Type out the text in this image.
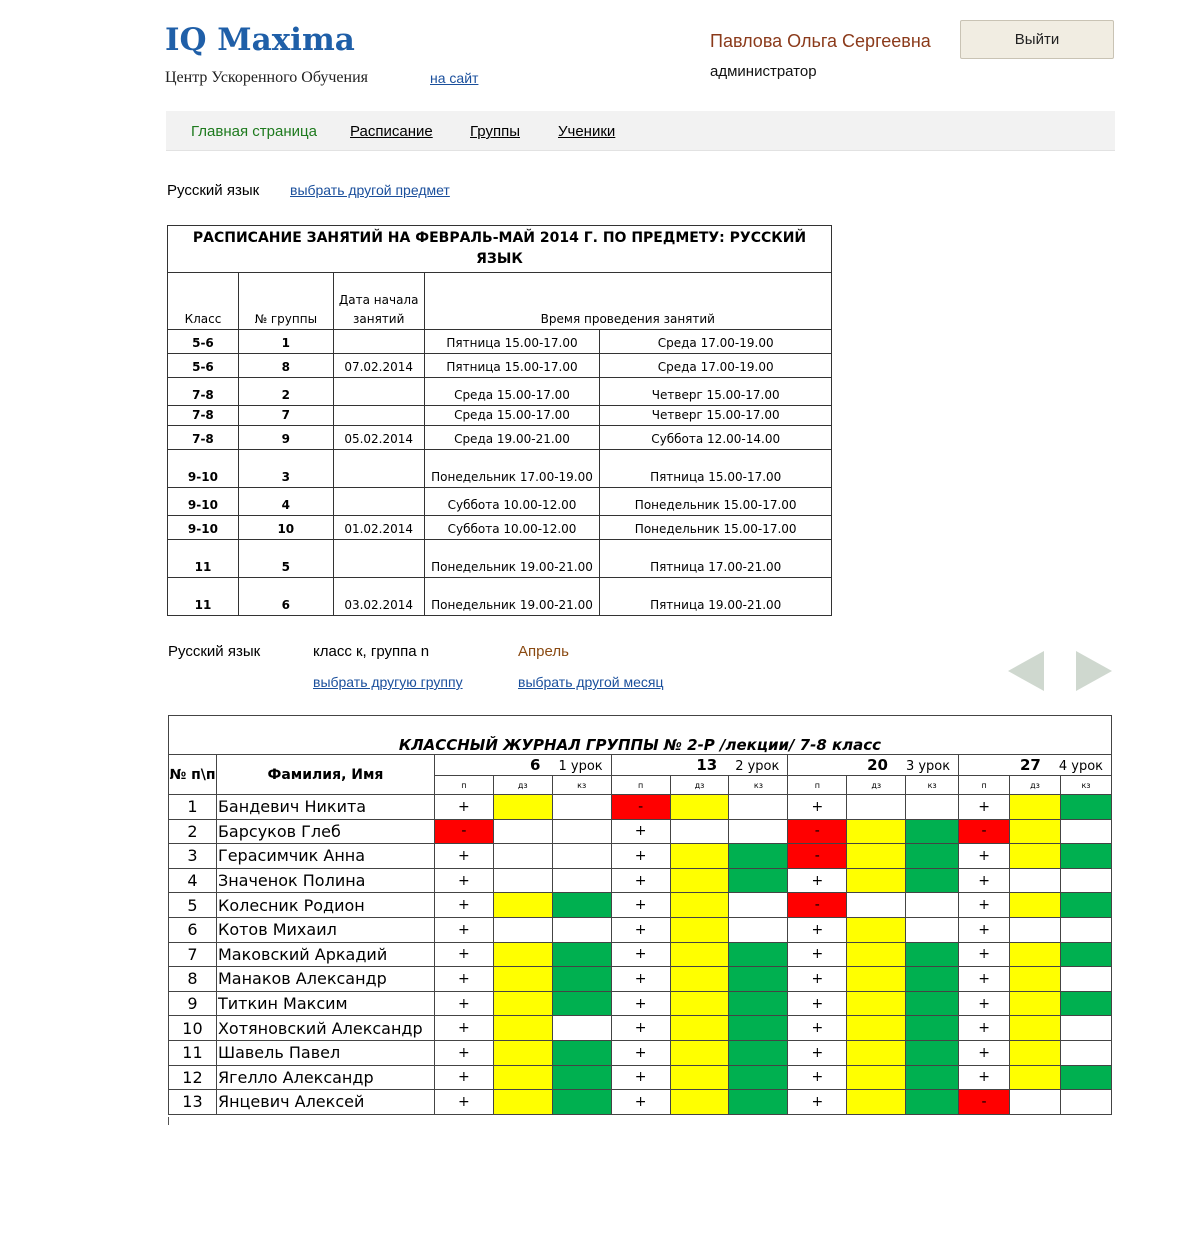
IQ Maxima
Центр Ускоренного Обучения	на сайт
Павлова Ольга Сергеевна
администратор
Выйти
Главная страница Расписание Группы	Ученики
Русский язык выбрать другой предмет
РАСПИСАНИЕ ЗАНЯТИЙ НА ФЕВРАЛЬ-МАЙ 2014 Г. ПО ПРЕДМЕТУ: РУССКИЙ ЯЗЫК				
Класс	№ группы	Дата начала занятий	Время проведения занятий	
5-6	1		Пятница 15.00-17.00	Среда 17.00-19.00
5-6	8	07.02.2014	Пятница 15.00-17.00	Среда 17.00-19.00
7-8	2		Среда 15.00-17.00	Четверг 15.00-17.00
7-8	7		Среда 15.00-17.00	Четверг 15.00-17.00
7-8	9	05.02.2014	Среда 19.00-21.00	Суббота 12.00-14.00
9-10	3		Понедельник 17.00-19.00	Пятница 15.00-17.00
9-10	4		Суббота 10.00-12.00	Понедельник 15.00-17.00
9-10	10	01.02.2014	Суббота 10.00-12.00	Понедельник 15.00-17.00
11	5		Понедельник 19.00-21.00	Пятница 17.00-21.00
11	6	03.02.2014	Понедельник 19.00-21.00	Пятница 19.00-21.00
Русский язык	класс к, группа n	Апрель
выбрать другую группу	выбрать другой месяц
КЛАССНЫЙ ЖУРНАЛ ГРУППЫ № 2-Р /лекции/ 7-8 класс													
№ п\п	Фамилия, Имя	6 1 урок			13 2 урок			20 3 урок			27 4 урок		
		п	дз	кз	п	дз	кз	п	дз	кз	п	дз	кз
1	Бандевич Никита	+			-			+			+		
2	Барсуков Глеб	-			+			-			-		
3	Герасимчик Анна	+			+			-			+		
4	Значенок Полина	+			+			+			+		
5	Колесник Родион	+			+			-			+		
6	Котов Михаил	+			+			+			+		
7	Маковский Аркадий	+			+			+			+		
8	Манаков Александр	+			+			+			+		
9	Титкин Максим	+			+			+			+		
10	Хотяновский Александр	+			+			+			+		
11	Шавель Павел	+			+			+			+		
12	Ягелло Александр	+			+			+			+		
13	Янцевич Алексей	+			+			+			-		
